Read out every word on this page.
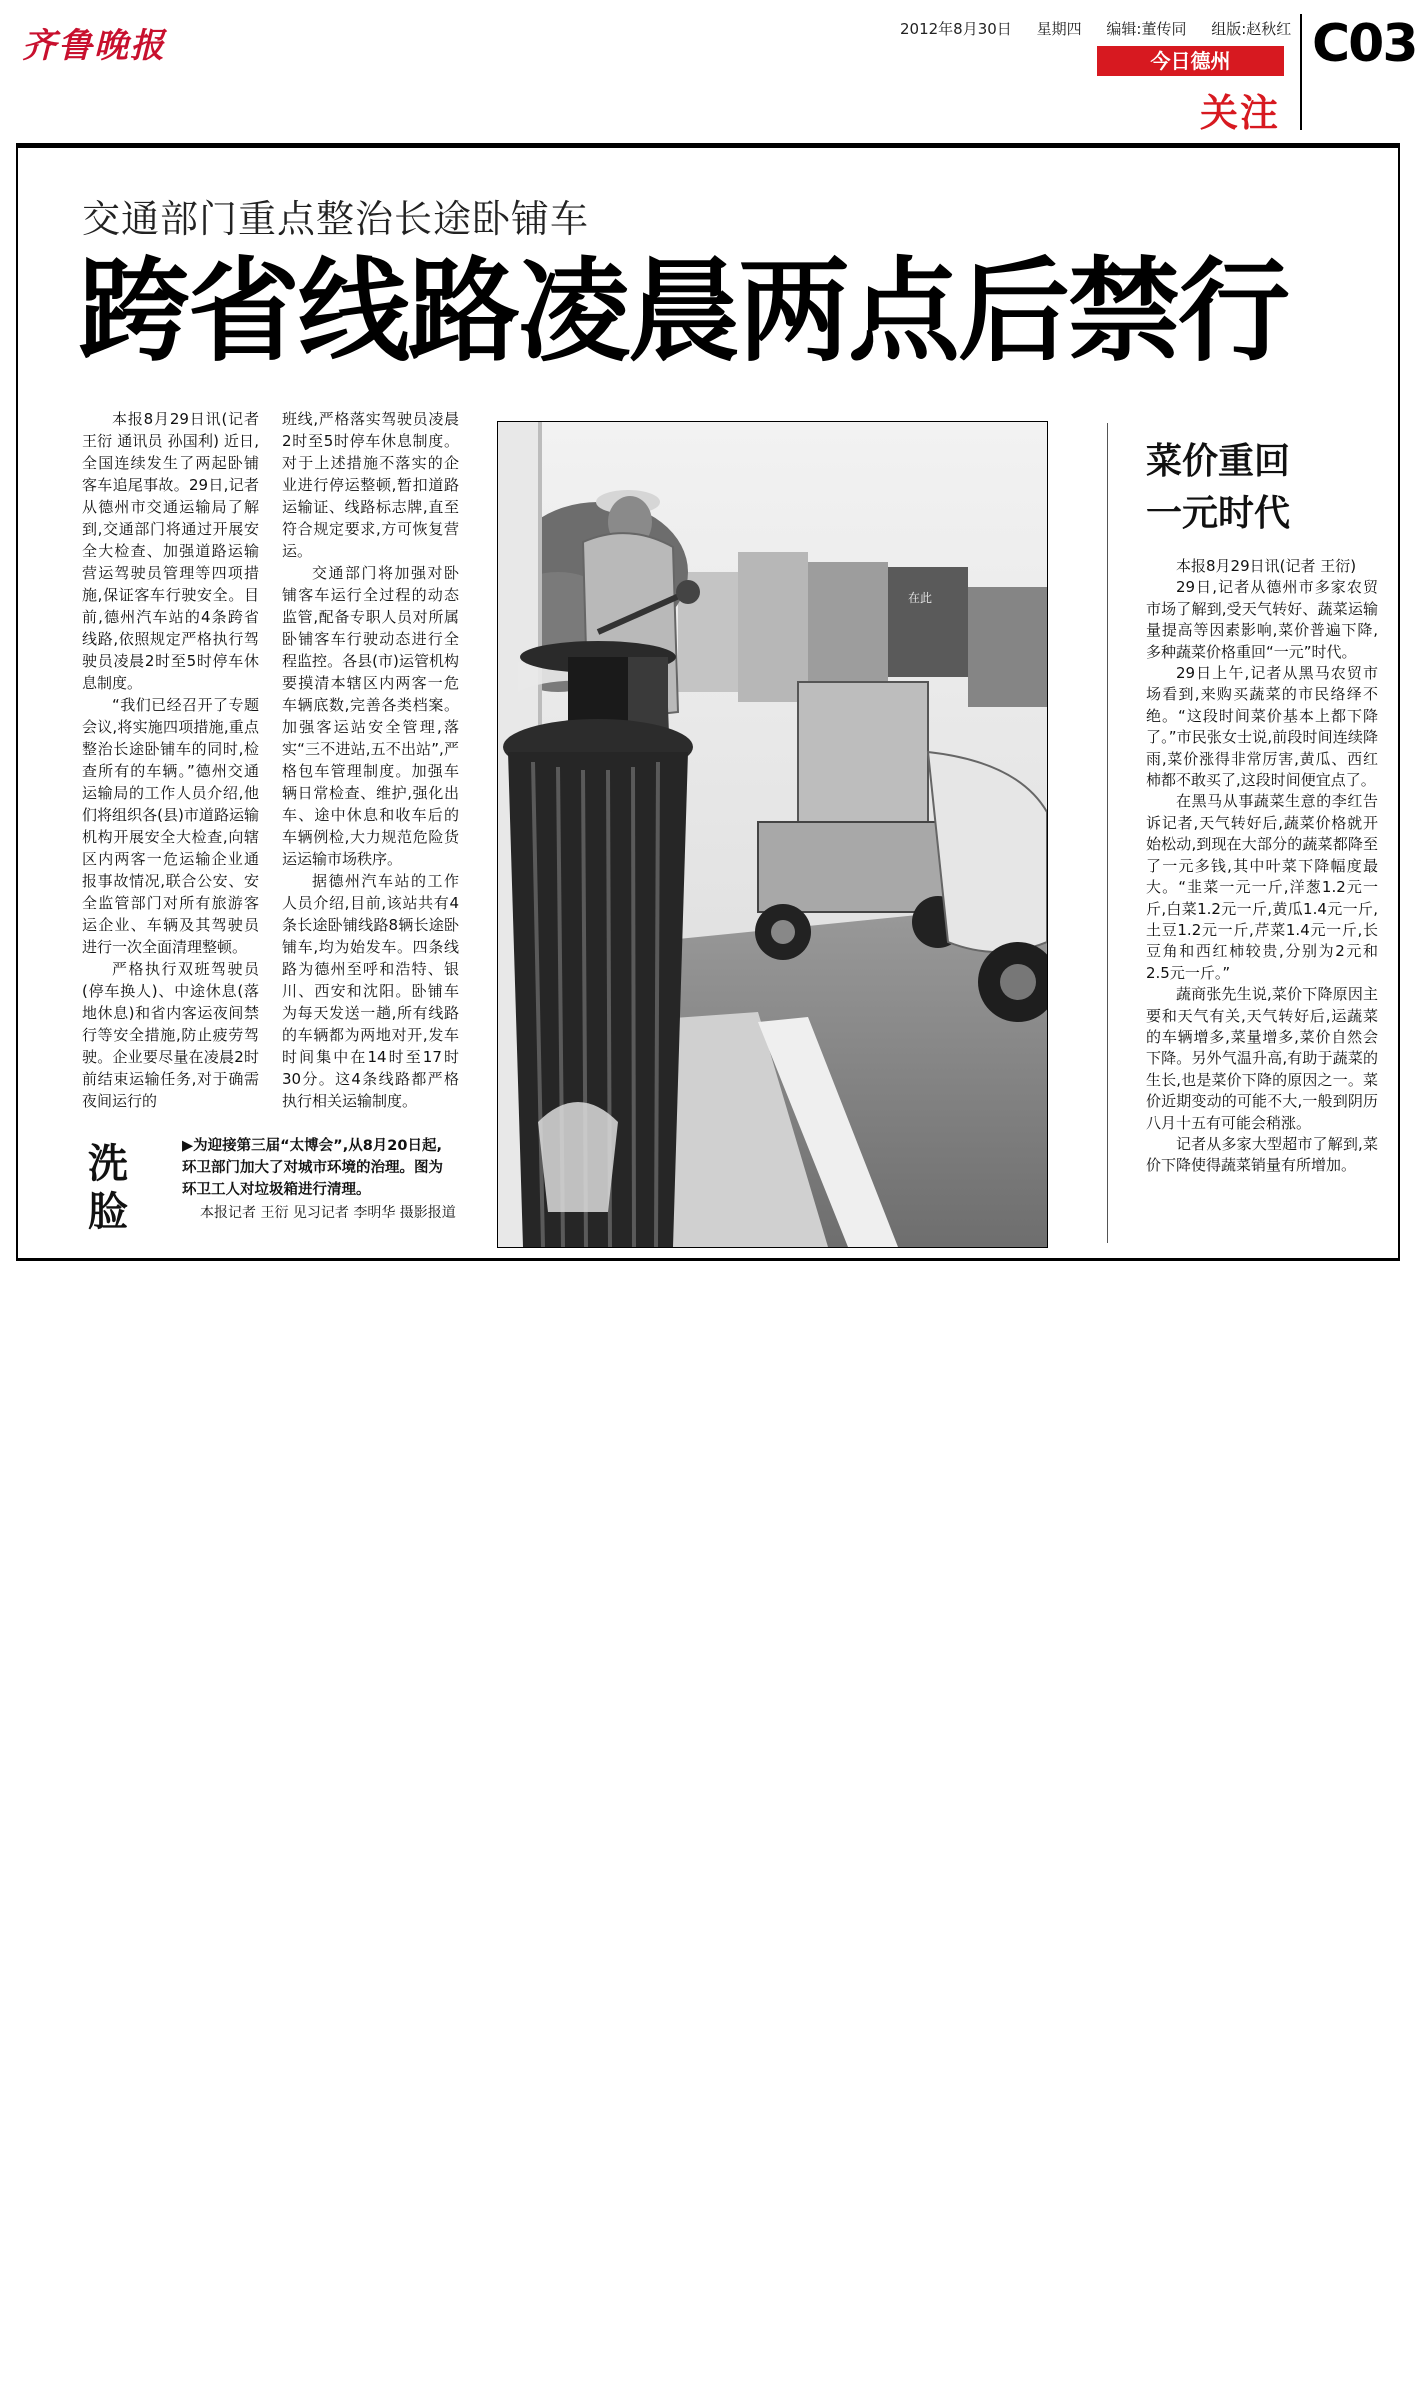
齐鲁晚报	2012年8月30日 星期四 编辑:董传同 组版:赵秋红
今日德州
关注
C03
交通部门重点整治长途卧铺车
跨省线路凌晨两点后禁行

本报8月29日讯(记者 王衍 通讯员 孙国利) 近日,全国连续发生了两起卧铺客车追尾事故。29日,记者从德州市交通运输局了解到,交通部门将通过开展安全大检查、加强道路运输营运驾驶员管理等四项措施,保证客车行驶安全。目前,德州汽车站的4条跨省线路,依照规定严格执行驾驶员凌晨2时至5时停车休息制度。

“我们已经召开了专题会议,将实施四项措施,重点整治长途卧铺车的同时,检查所有的车辆。”德州交通运输局的工作人员介绍,他们将组织各(县)市道路运输机构开展安全大检查,向辖区内两客一危运输企业通报事故情况,联合公安、安全监管部门对所有旅游客运企业、车辆及其驾驶员进行一次全面清理整顿。

严格执行双班驾驶员(停车换人)、中途休息(落地休息)和省内客运夜间禁行等安全措施,防止疲劳驾驶。企业要尽量在凌晨2时前结束运输任务,对于确需夜间运行的

班线,严格落实驾驶员凌晨2时至5时停车休息制度。对于上述措施不落实的企业进行停运整顿,暂扣道路运输证、线路标志牌,直至符合规定要求,方可恢复营运。

交通部门将加强对卧铺客车运行全过程的动态监管,配备专职人员对所属卧铺客车行驶动态进行全程监控。各县(市)运管机构要摸清本辖区内两客一危车辆底数,完善各类档案。加强客运站安全管理,落实“三不进站,五不出站”,严格包车管理制度。加强车辆日常检查、维护,强化出车、途中休息和收车后的车辆例检,大力规范危险货运运输市场秩序。

据德州汽车站的工作人员介绍,目前,该站共有4条长途卧铺线路8辆长途卧铺车,均为始发车。四条线路为德州至呼和浩特、银川、西安和沈阳。卧铺车为每天发送一趟,所有线路的车辆都为两地对开,发车时间集中在14时至17时30分。这4条线路都严格执行相关运输制度。

在此
洗脸
▶为迎接第三届“太博会”,从8月20日起,环卫部门加大了对城市环境的治理。图为环卫工人对垃圾箱进行清理。
本报记者 王衍 见习记者 李明华 摄影报道
菜价重回
一元时代

本报8月29日讯(记者 王衍)

29日,记者从德州市多家农贸市场了解到,受天气转好、蔬菜运输量提高等因素影响,菜价普遍下降,多种蔬菜价格重回“一元”时代。

29日上午,记者从黑马农贸市场看到,来购买蔬菜的市民络绎不绝。“这段时间菜价基本上都下降了。”市民张女士说,前段时间连续降雨,菜价涨得非常厉害,黄瓜、西红柿都不敢买了,这段时间便宜点了。

在黑马从事蔬菜生意的李红告诉记者,天气转好后,蔬菜价格就开始松动,到现在大部分的蔬菜都降至了一元多钱,其中叶菜下降幅度最大。“韭菜一元一斤,洋葱1.2元一斤,白菜1.2元一斤,黄瓜1.4元一斤,土豆1.2元一斤,芹菜1.4元一斤,长豆角和西红柿较贵,分别为2元和2.5元一斤。”

蔬商张先生说,菜价下降原因主要和天气有关,天气转好后,运蔬菜的车辆增多,菜量增多,菜价自然会下降。另外气温升高,有助于蔬菜的生长,也是菜价下降的原因之一。菜价近期变动的可能不大,一般到阴历八月十五有可能会稍涨。

记者从多家大型超市了解到,菜价下降使得蔬菜销量有所增加。
